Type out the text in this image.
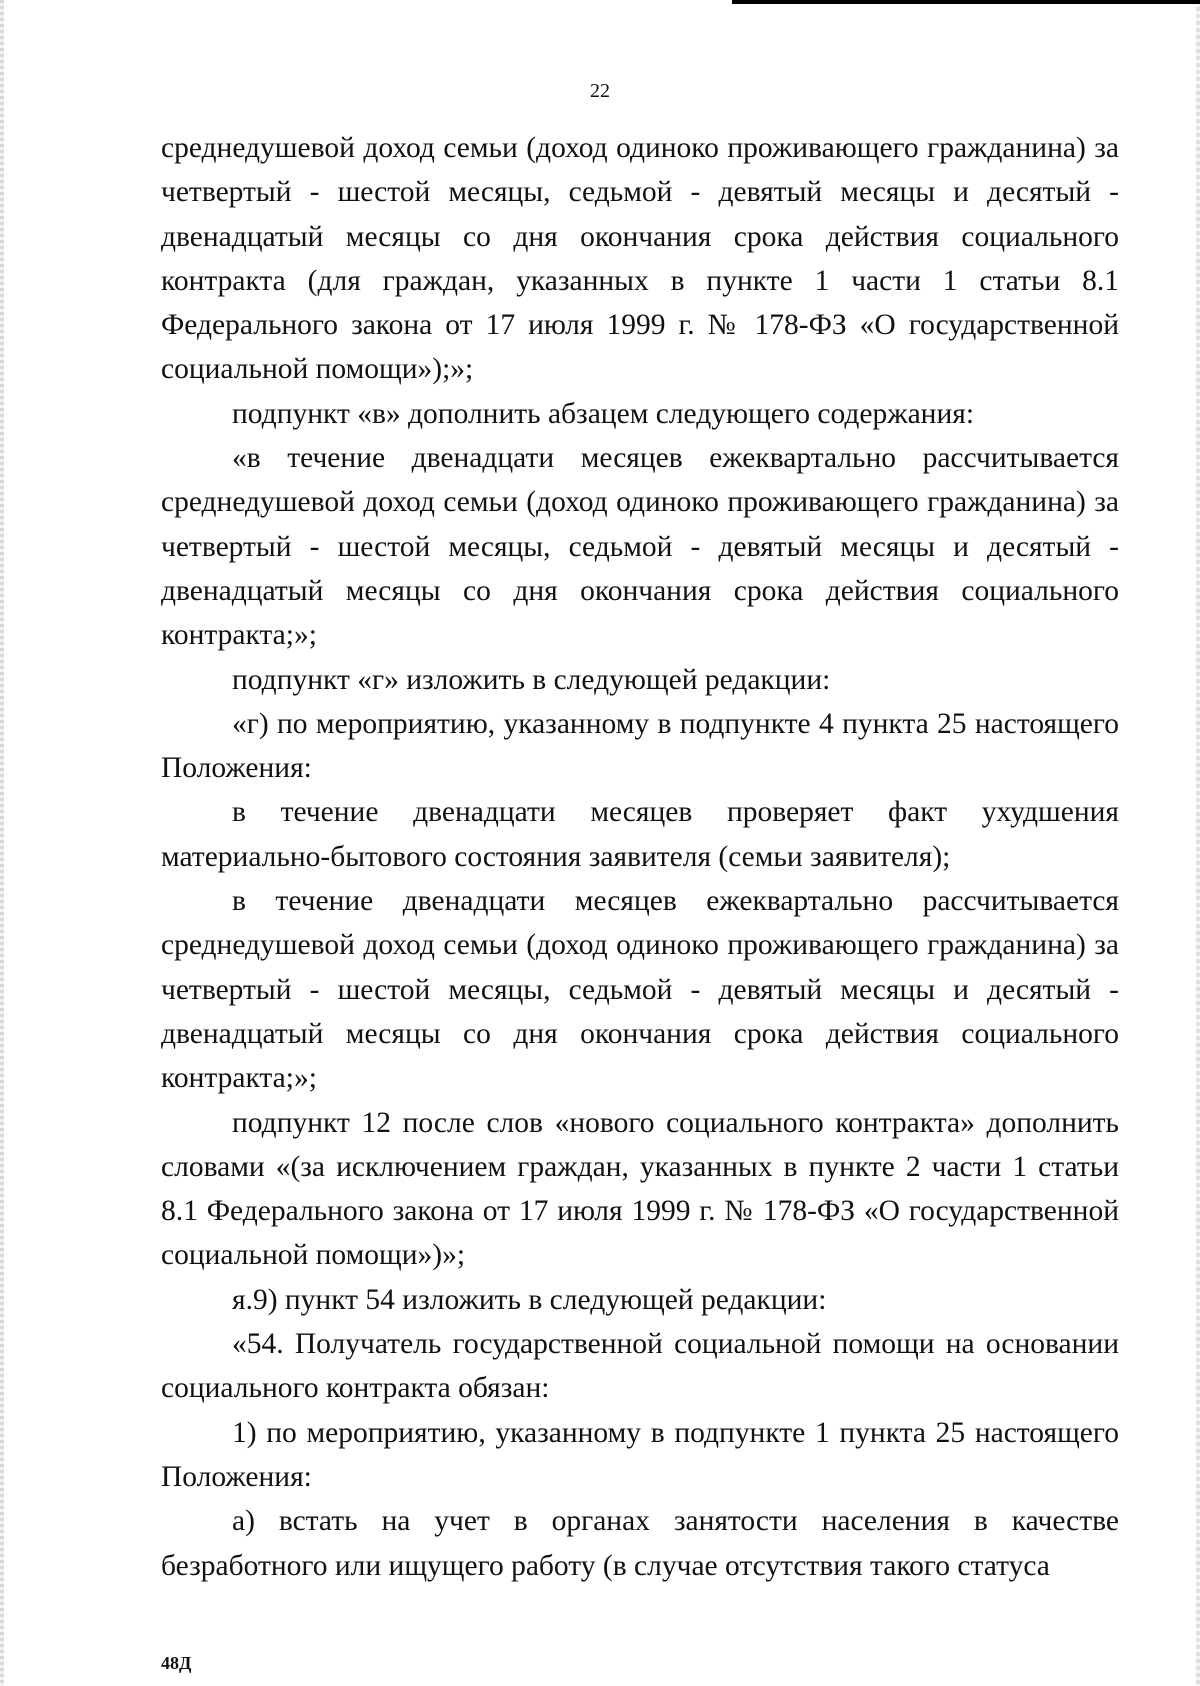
22

среднедушевой доход семьи (доход одиноко проживающего гражданина) за четвертый - шестой месяцы, седьмой - девятый месяцы и десятый - двенадцатый месяцы со дня окончания срока действия социального контракта (для граждан, указанных в пункте 1 части 1 статьи 8.1 Федерального закона от 17 июля 1999 г. № 178-ФЗ «О государственной социальной помощи»);»;

подпункт «в» дополнить абзацем следующего содержания:

«в течение двенадцати месяцев ежеквартально рассчитывается среднедушевой доход семьи (доход одиноко проживающего гражданина) за четвертый - шестой месяцы, седьмой - девятый месяцы и десятый - двенадцатый месяцы со дня окончания срока действия социального контракта;»;

подпункт «г» изложить в следующей редакции:

«г) по мероприятию, указанному в подпункте 4 пункта 25 настоящего Положения:

в течение двенадцати месяцев проверяет факт ухудшения материально-бытового состояния заявителя (семьи заявителя);

в течение двенадцати месяцев ежеквартально рассчитывается среднедушевой доход семьи (доход одиноко проживающего гражданина) за четвертый - шестой месяцы, седьмой - девятый месяцы и десятый - двенадцатый месяцы со дня окончания срока действия социального контракта;»;

подпункт 12 после слов «нового социального контракта» дополнить словами «(за исключением граждан, указанных в пункте 2 части 1 статьи 8.1 Федерального закона от 17 июля 1999 г. № 178-ФЗ «О государственной социальной помощи»)»;

я.9) пункт 54 изложить в следующей редакции:

«54. Получатель государственной социальной помощи на основании социального контракта обязан:

1) по мероприятию, указанному в подпункте 1 пункта 25 настоящего Положения:

а) встать на учет в органах занятости населения в качестве безработного или ищущего работу (в случае отсутствия такого статуса

48Д
